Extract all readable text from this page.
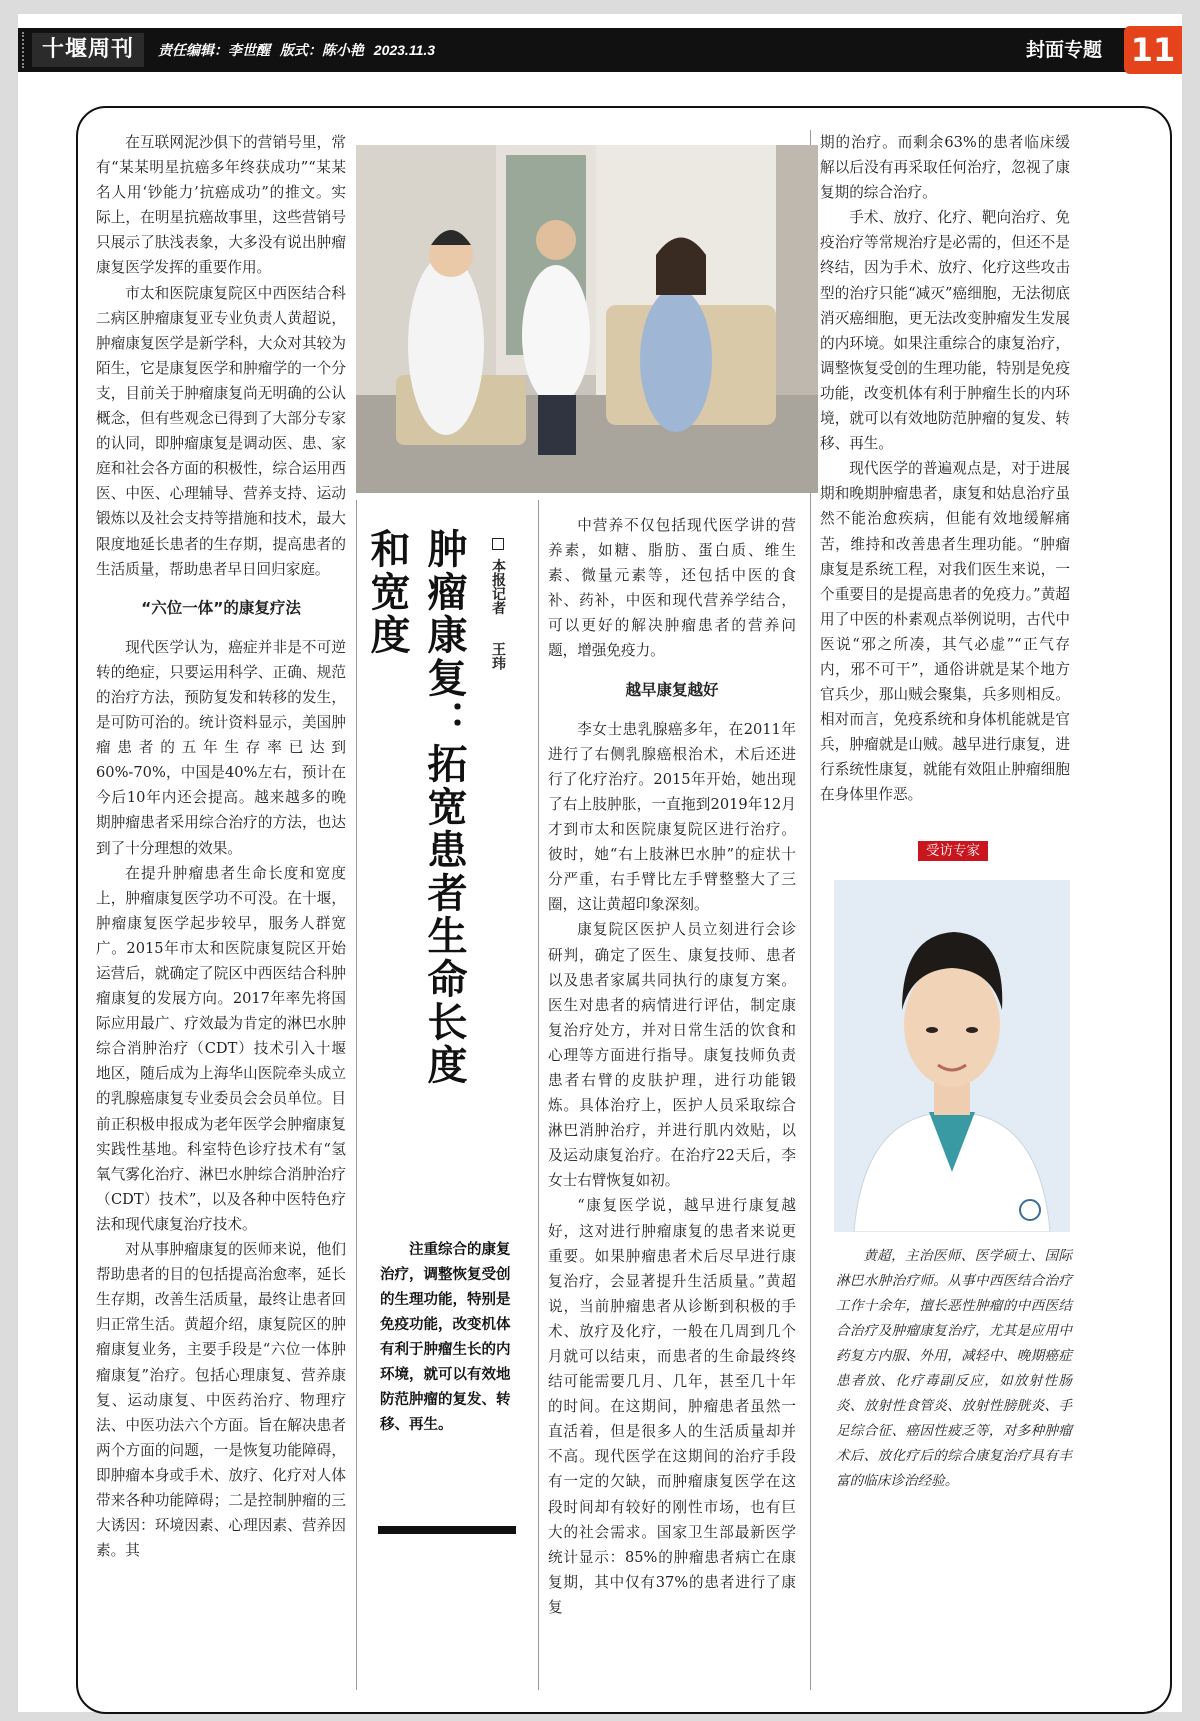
十堰周刊	责任编辑：李世醒 版式：陈小艳 2023.11.3	封面专题 11

在互联网泥沙俱下的营销号里，常有“某某明星抗癌多年终获成功”“某某名人用‘钞能力’抗癌成功”的推文。实际上，在明星抗癌故事里，这些营销号只展示了肤浅表象，大多没有说出肿瘤康复医学发挥的重要作用。

市太和医院康复院区中西医结合科二病区肿瘤康复亚专业负责人黄超说，肿瘤康复医学是新学科，大众对其较为陌生，它是康复医学和肿瘤学的一个分支，目前关于肿瘤康复尚无明确的公认概念，但有些观念已得到了大部分专家的认同，即肿瘤康复是调动医、患、家庭和社会各方面的积极性，综合运用西医、中医、心理辅导、营养支持、运动锻炼以及社会支持等措施和技术，最大限度地延长患者的生存期，提高患者的生活质量，帮助患者早日回归家庭。

“六位一体”的康复疗法

现代医学认为，癌症并非是不可逆转的绝症，只要运用科学、正确、规范的治疗方法，预防复发和转移的发生，是可防可治的。统计资料显示，美国肿瘤患者的五年生存率已达到60%-70%，中国是40%左右，预计在今后10年内还会提高。越来越多的晚期肿瘤患者采用综合治疗的方法，也达到了十分理想的效果。

在提升肿瘤患者生命长度和宽度上，肿瘤康复医学功不可没。在十堰，肿瘤康复医学起步较早，服务人群宽广。2015年市太和医院康复院区开始运营后，就确定了院区中西医结合科肿瘤康复的发展方向。2017年率先将国际应用最广、疗效最为肯定的淋巴水肿综合消肿治疗（CDT）技术引入十堰地区，随后成为上海华山医院牵头成立的乳腺癌康复专业委员会会员单位。目前正积极申报成为老年医学会肿瘤康复实践性基地。科室特色诊疗技术有“氢氧气雾化治疗、淋巴水肿综合消肿治疗（CDT）技术”，以及各种中医特色疗法和现代康复治疗技术。

对从事肿瘤康复的医师来说，他们帮助患者的目的包括提高治愈率，延长生存期，改善生活质量，最终让患者回归正常生活。黄超介绍，康复院区的肿瘤康复业务，主要手段是“六位一体肿瘤康复”治疗。包括心理康复、营养康复、运动康复、中医药治疗、物理疗法、中医功法六个方面。旨在解决患者两个方面的问题，一是恢复功能障碍，即肿瘤本身或手术、放疗、化疗对人体带来各种功能障碍；二是控制肿瘤的三大诱因：环境因素、心理因素、营养因素。其

肿瘤康复：拓宽患者生命长度和宽度	本报记者 王玮
注重综合的康复治疗，调整恢复受创的生理功能，特别是免疫功能，改变机体有利于肿瘤生长的内环境，就可以有效地防范肿瘤的复发、转移、再生。

中营养不仅包括现代医学讲的营养素，如糖、脂肪、蛋白质、维生素、微量元素等，还包括中医的食补、药补，中医和现代营养学结合，可以更好的解决肿瘤患者的营养问题，增强免疫力。

越早康复越好

李女士患乳腺癌多年，在2011年进行了右侧乳腺癌根治术，术后还进行了化疗治疗。2015年开始，她出现了右上肢肿胀，一直拖到2019年12月才到市太和医院康复院区进行治疗。彼时，她“右上肢淋巴水肿”的症状十分严重，右手臂比左手臂整整大了三圈，这让黄超印象深刻。

康复院区医护人员立刻进行会诊研判，确定了医生、康复技师、患者以及患者家属共同执行的康复方案。医生对患者的病情进行评估，制定康复治疗处方，并对日常生活的饮食和心理等方面进行指导。康复技师负责患者右臂的皮肤护理，进行功能锻炼。具体治疗上，医护人员采取综合淋巴消肿治疗，并进行肌内效贴，以及运动康复治疗。在治疗22天后，李女士右臂恢复如初。

“康复医学说，越早进行康复越好，这对进行肿瘤康复的患者来说更重要。如果肿瘤患者术后尽早进行康复治疗，会显著提升生活质量。”黄超说，当前肿瘤患者从诊断到积极的手术、放疗及化疗，一般在几周到几个月就可以结束，而患者的生命最终终结可能需要几月、几年，甚至几十年的时间。在这期间，肿瘤患者虽然一直活着，但是很多人的生活质量却并不高。现代医学在这期间的治疗手段有一定的欠缺，而肿瘤康复医学在这段时间却有较好的刚性市场，也有巨大的社会需求。国家卫生部最新医学统计显示：85%的肿瘤患者病亡在康复期，其中仅有37%的患者进行了康复

期的治疗。而剩余63%的患者临床缓解以后没有再采取任何治疗，忽视了康复期的综合治疗。

手术、放疗、化疗、靶向治疗、免疫治疗等常规治疗是必需的，但还不是终结，因为手术、放疗、化疗这些攻击型的治疗只能“减灭”癌细胞，无法彻底消灭癌细胞，更无法改变肿瘤发生发展的内环境。如果注重综合的康复治疗，调整恢复受创的生理功能，特别是免疫功能，改变机体有利于肿瘤生长的内环境，就可以有效地防范肿瘤的复发、转移、再生。

现代医学的普遍观点是，对于进展期和晚期肿瘤患者，康复和姑息治疗虽然不能治愈疾病，但能有效地缓解痛苦，维持和改善患者生理功能。“肿瘤康复是系统工程，对我们医生来说，一个重要目的是提高患者的免疫力。”黄超用了中医的朴素观点举例说明，古代中医说“邪之所凑，其气必虚”“正气存内，邪不可干”，通俗讲就是某个地方官兵少，那山贼会聚集，兵多则相反。相对而言，免疫系统和身体机能就是官兵，肿瘤就是山贼。越早进行康复，进行系统性康复，就能有效阻止肿瘤细胞在身体里作恶。

受访专家
黄超，主治医师、医学硕士、国际淋巴水肿治疗师。从事中西医结合治疗工作十余年，擅长恶性肿瘤的中西医结合治疗及肿瘤康复治疗，尤其是应用中药复方内服、外用，减轻中、晚期癌症患者放、化疗毒副反应，如放射性肠炎、放射性食管炎、放射性膀胱炎、手足综合征、癌因性疲乏等，对多种肿瘤术后、放化疗后的综合康复治疗具有丰富的临床诊治经验。
